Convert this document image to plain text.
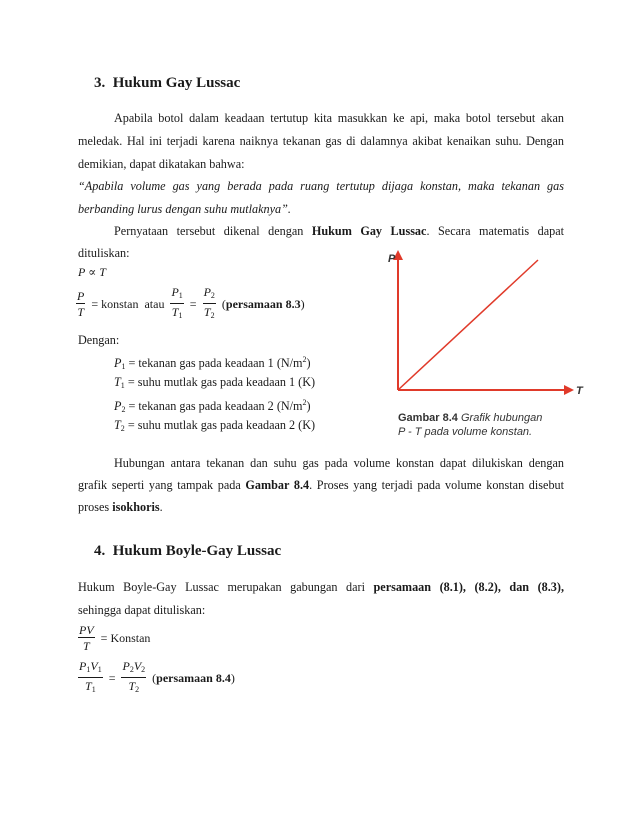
3. Hukum Gay Lussac
Apabila botol dalam keadaan tertutup kita masukkan ke api, maka botol tersebut akan
meledak. Hal ini terjadi karena naiknya tekanan gas di dalamnya akibat kenaikan suhu. Dengan
demikian, dapat dikatakan bahwa:
“Apabila volume gas yang berada pada ruang tertutup dijaga konstan, maka tekanan gas
berbanding lurus dengan suhu mutlaknya”.
Pernyataan tersebut dikenal dengan Hukum Gay Lussac. Secara matematis dapat
dituliskan:
P ∝ T
$\frac{P}{T}$ = konstan atau $\frac{P_1}{T_1} = \frac{P_2}{T_2}$ (persamaan 8.3)
Dengan:
$P_1$ = tekanan gas pada keadaan 1 $(N/m^2)$
$T_1$ = suhu mutlak gas pada keadaan 1 (K)
$P_2$ = tekanan gas pada keadaan 2 $(N/m^2)$
$T_2$ = suhu mutlak gas pada keadaan 2 (K)
P
T
Gambar 8.4 Grafik hubungan
P - T pada volume konstan.
Hubungan antara tekanan dan suhu gas pada volume konstan dapat dilukiskan dengan
grafik seperti yang tampak pada Gambar 8.4. Proses yang terjadi pada volume konstan disebut
proses isokhoris.
4. Hukum Boyle-Gay Lussac
Hukum Boyle-Gay Lussac merupakan gabungan dari persamaan (8.1), (8.2), dan (8.3),
sehingga dapat dituliskan:
$\frac{PV}{T}$ = Konstan
$\frac{P_1V_1}{T_1} = \frac{P_2V_2}{T_2}$ (persamaan 8.4)
